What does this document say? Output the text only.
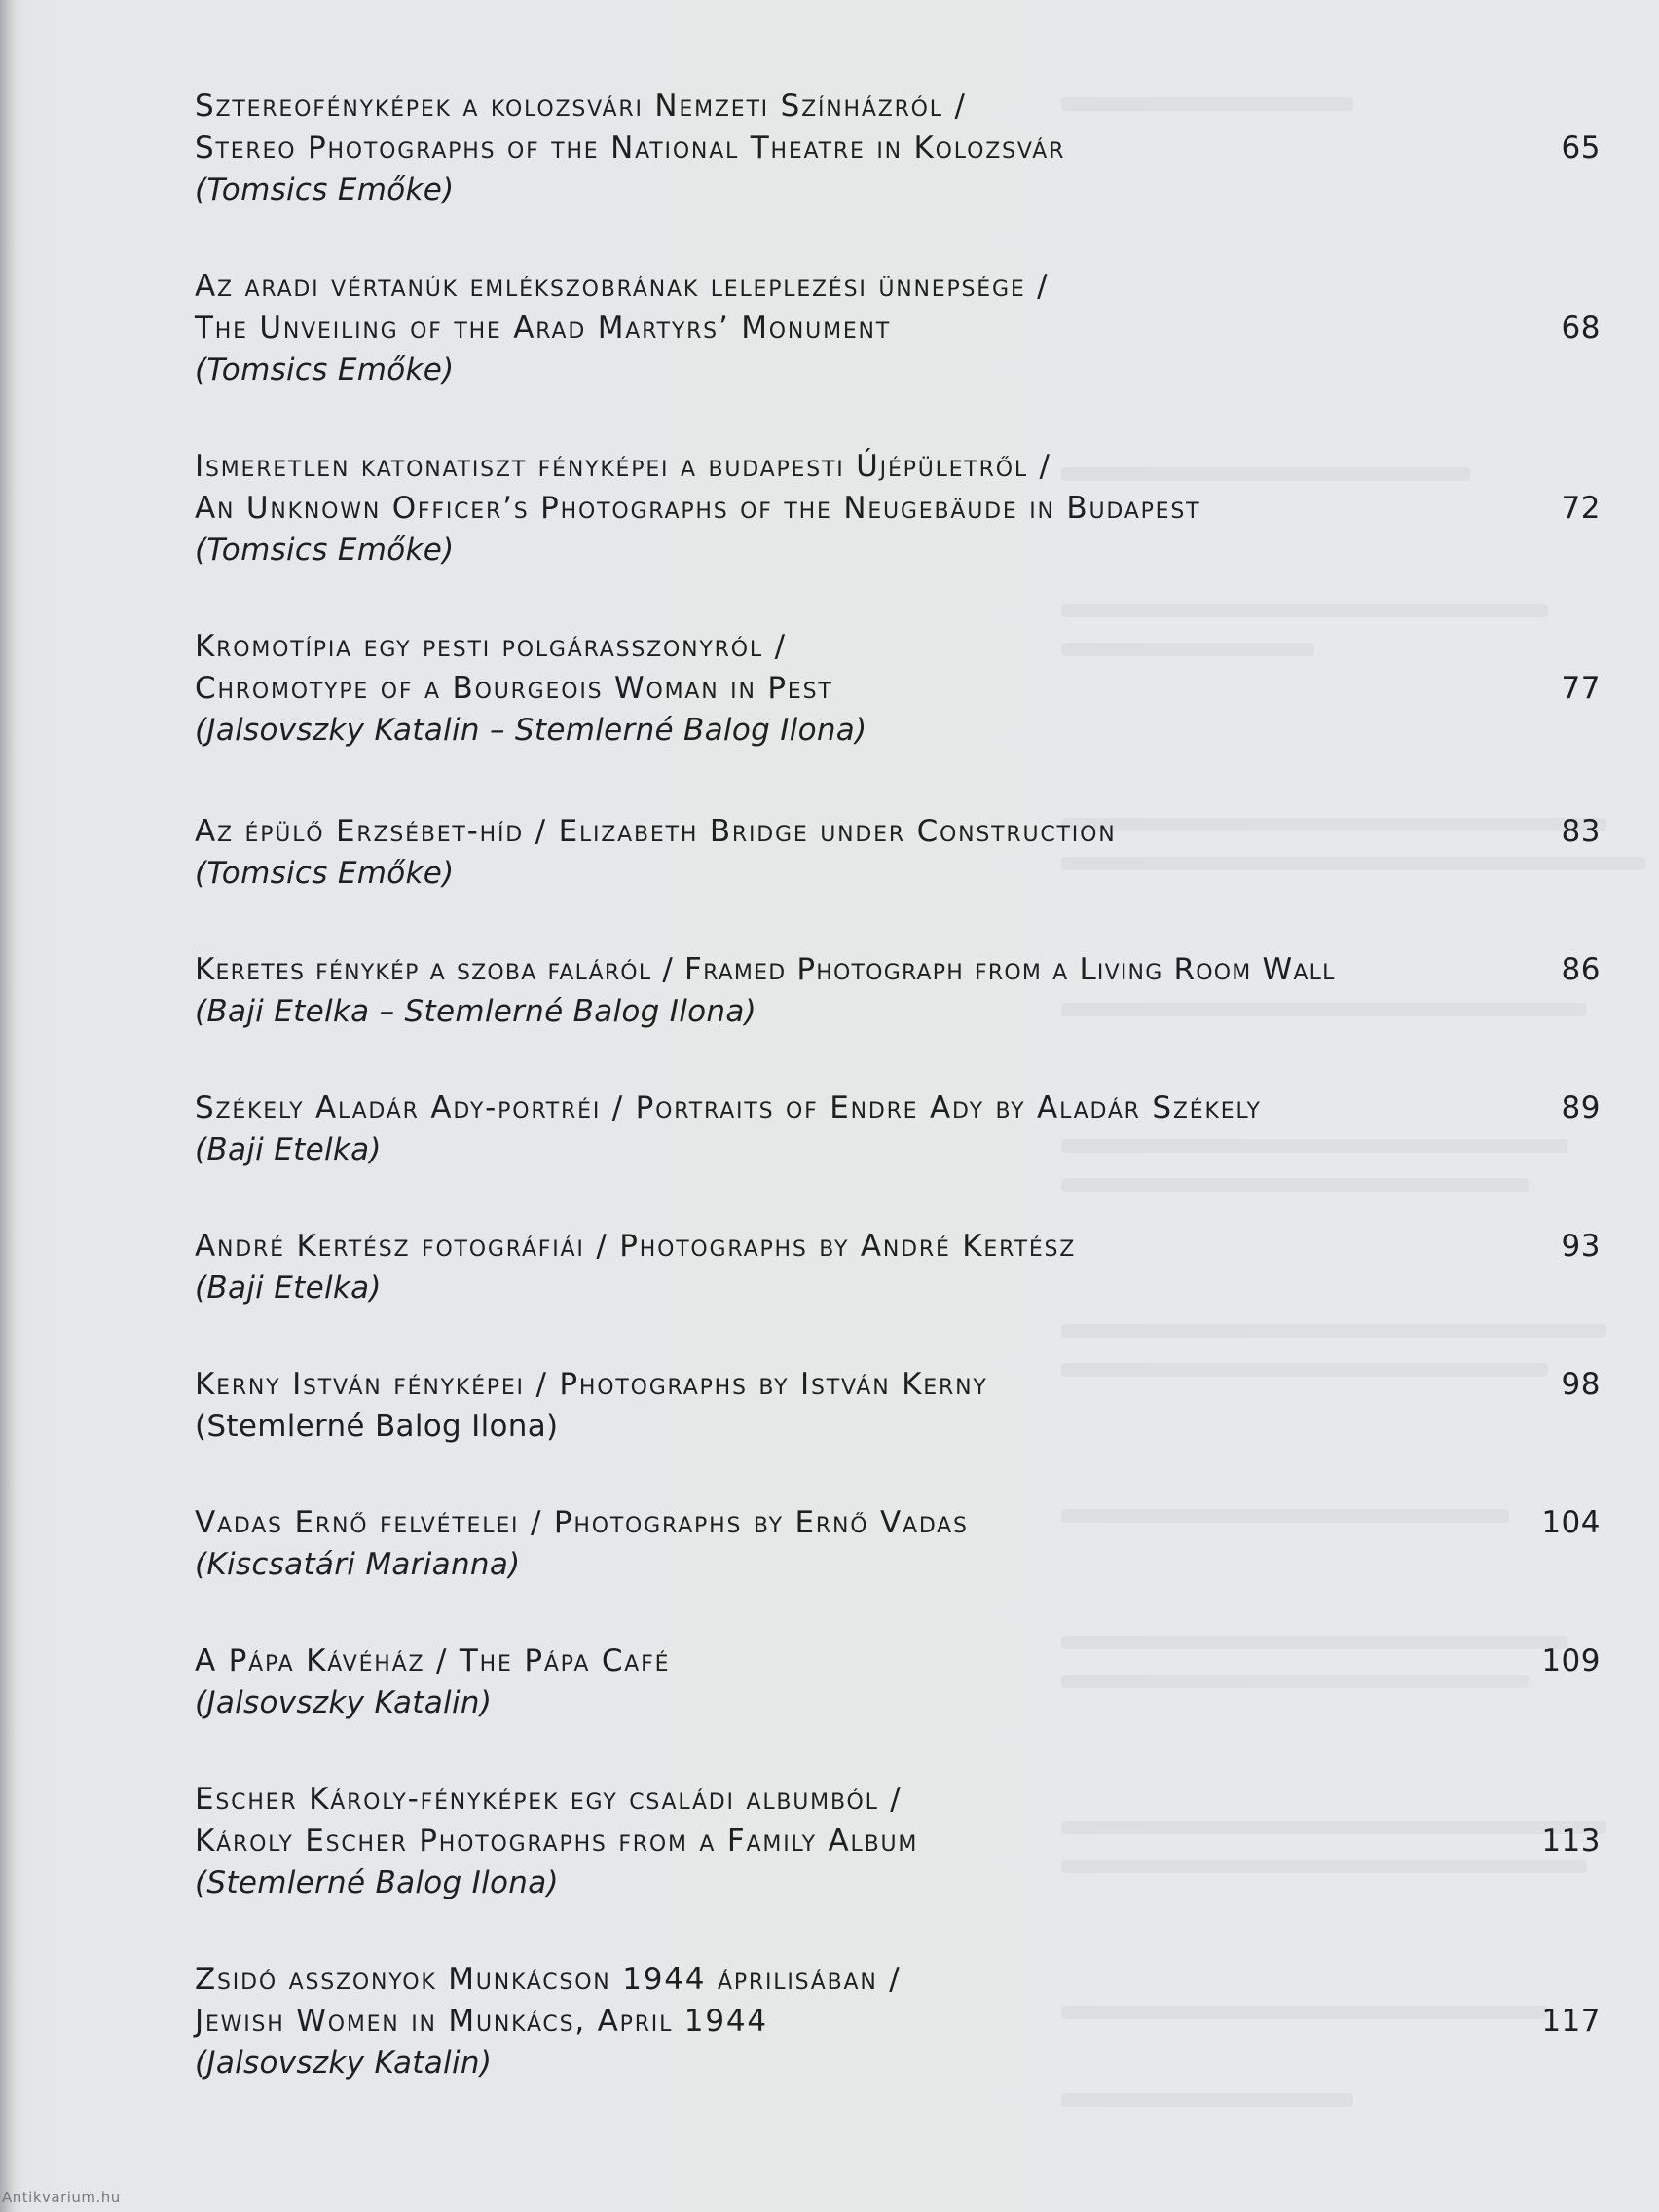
Sztereofényképek a kolozsvári Nemzeti Színházról /
Stereo Photographs of the National Theatre in Kolozsvár
(Tomsics Emőke)
65
Az aradi vértanúk emlékszobrának leleplezési ünnepsége /
The Unveiling of the Arad Martyrs’ Monument
(Tomsics Emőke)
68
Ismeretlen katonatiszt fényképei a budapesti Újépületről /
An Unknown Officer’s Photographs of the Neugebäude in Budapest
(Tomsics Emőke)
72
Kromotípia egy pesti polgárasszonyról /
Chromotype of a Bourgeois Woman in Pest
(Jalsovszky Katalin – Stemlerné Balog Ilona)
77
Az épülő Erzsébet-híd / Elizabeth Bridge under Construction
(Tomsics Emőke)
83
Keretes fénykép a szoba faláról / Framed Photograph from a Living Room Wall
(Baji Etelka – Stemlerné Balog Ilona)
86
Székely Aladár Ady-portréi / Portraits of Endre Ady by Aladár Székely
(Baji Etelka)
89
André Kertész fotográfiái / Photographs by André Kertész
(Baji Etelka)
93
Kerny István fényképei / Photographs by István Kerny
(Stemlerné Balog Ilona)
98
Vadas Ernő felvételei / Photographs by Ernő Vadas
(Kiscsatári Marianna)
104
A Pápa Kávéház / The Pápa Café
(Jalsovszky Katalin)
109
Escher Károly-fényképek egy családi albumból /
Károly Escher Photographs from a Family Album
(Stemlerné Balog Ilona)
113
Zsidó asszonyok Munkácson 1944 áprilisában /
Jewish Women in Munkács, April 1944
(Jalsovszky Katalin)
117
Antikvarium.hu
